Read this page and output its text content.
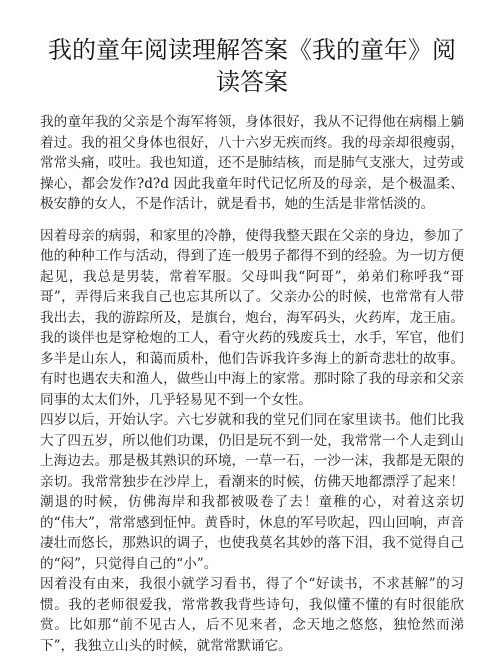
我的童年阅读理解答案《我的童年》阅读答案

我的童年我的父亲是个海军将领，身体很好，我从不记得他在病榻上躺着过。我的祖父身体也很好，八十六岁无疾而终。我的母亲却很瘦弱，常常头痛，哎吐。我也知道，还不是肺结核，而是肺气支涨大，过劳或操心，都会发作?d?d 因此我童年时代记忆所及的母亲，是个极温柔、极安静的女人，不是作活计，就是看书，她的生活是非常恬淡的。

因着母亲的病弱，和家里的冷静，使得我整天跟在父亲的身边，参加了他的种种工作与活动，得到了连一般男子都得不到的经验。为一切方便起见，我总是男装，常着军服。父母叫我“阿哥”，弟弟们称呼我“哥哥”，弄得后来我自己也忘其所以了。父亲办公的时候，也常常有人带我出去，我的游踪所及，是旗台，炮台，海军码头，火药库，龙王庙。我的谈伴也是穿枪炮的工人，看守火药的残废兵士，水手，军官，他们多半是山东人，和蔼而质朴，他们告诉我许多海上的新奇悲壮的故事。有时也遇农夫和渔人，做些山中海上的家常。那时除了我的母亲和父亲同事的太太们外，几乎轻易见不到一个女性。

四岁以后，开始认字。六七岁就和我的堂兄们同在家里读书。他们比我大了四五岁，所以他们功课，仍旧是玩不到一处，我常常一个人走到山上海边去。那是极其熟识的环境，一草一石，一沙一沫，我都是无限的亲切。我常常独步在沙岸上，看潮来的时候，仿佛天地都漂浮了起来！潮退的时候，仿佛海岸和我都被吸卷了去！童稚的心，对着这亲切的“伟大”，常常感到怔忡。黄昏时，休息的军号吹起，四山回响，声音凄壮而悠长，那熟识的调子，也使我莫名其妙的落下泪，我不觉得自己的“闷”，只觉得自己的“小”。

因着没有由来，我很小就学习看书，得了个“好读书，不求甚解”的习惯。我的老师很爱我，常常教我背些诗句，我似懂不懂的有时很能欣赏。比如那“前不见古人，后不见来者，念天地之悠悠，独怆然而涕下”，我独立山头的时候，就常常默诵它。
